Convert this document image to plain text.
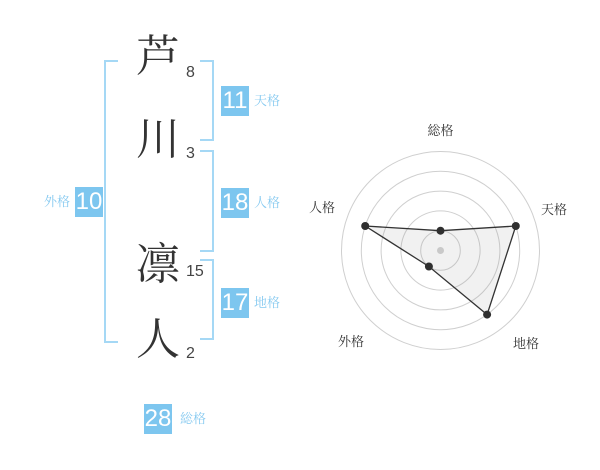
芦
川
凛
人
8
3
15
2
11
18
17
10
28
天格
人格
地格
外格
総格
総格
天格
地格
外格
人格
